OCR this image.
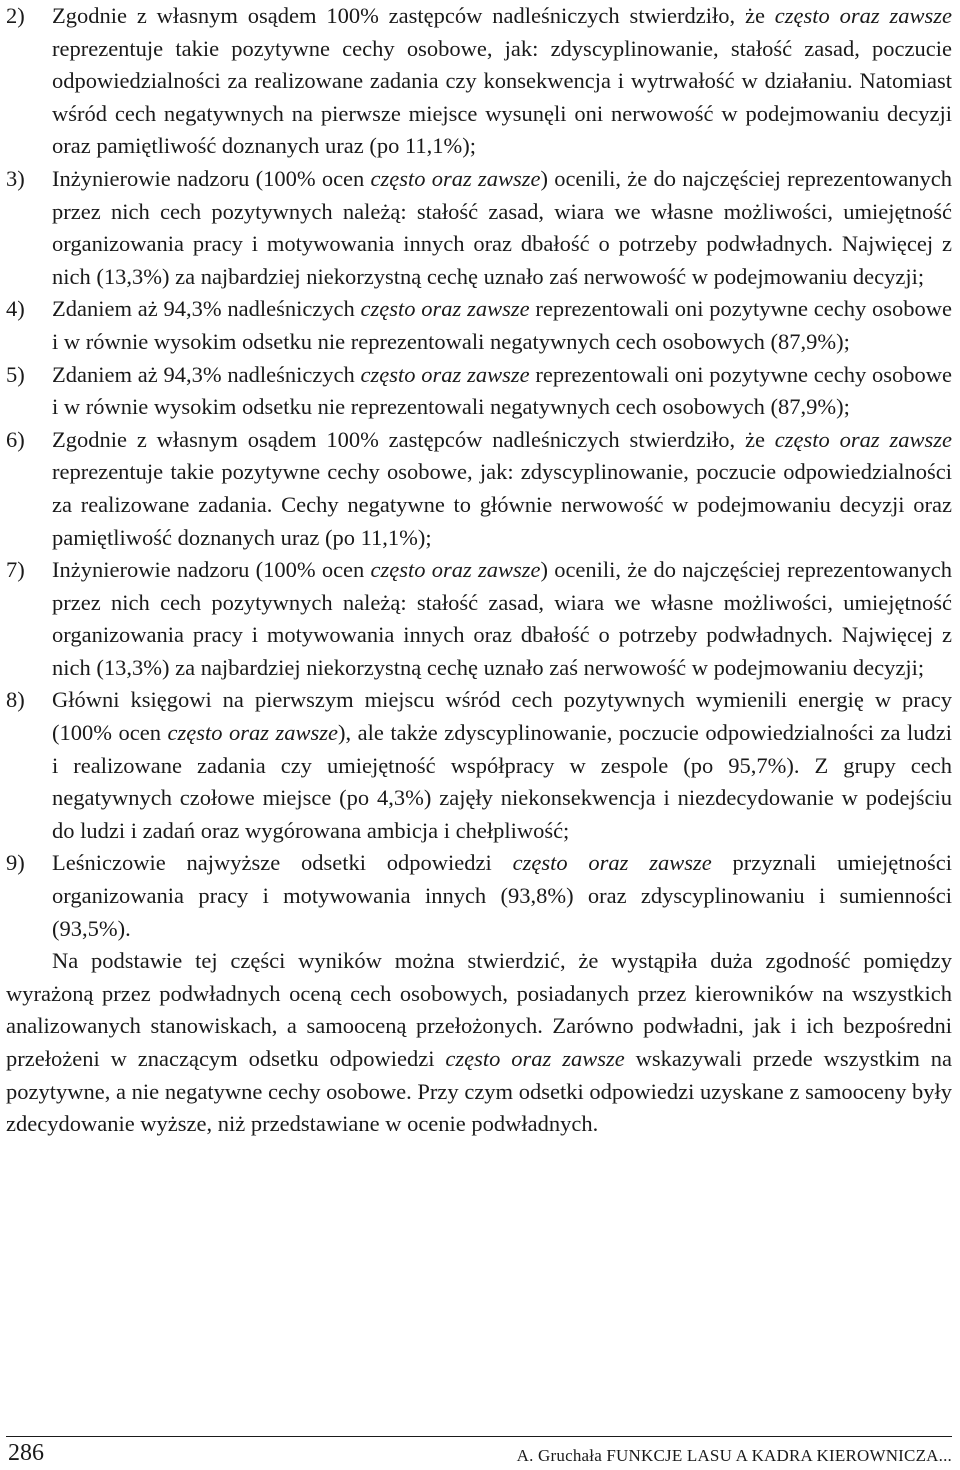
2) Zgodnie z własnym osądem 100% zastępców nadleśniczych stwierdziło, że często oraz zawsze reprezentuje takie pozytywne cechy osobowe, jak: zdyscyplinowanie, stałość zasad, poczucie odpowiedzialności za realizowane zadania czy konsekwencja i wytrwałość w działaniu. Natomiast wśród cech negatywnych na pierwsze miejsce wysunęli oni nerwowość w podejmowaniu decyzji oraz pamiętliwość doznanych uraz (po 11,1%);
3) Inżynierowie nadzoru (100% ocen często oraz zawsze) ocenili, że do najczęściej reprezentowanych przez nich cech pozytywnych należą: stałość zasad, wiara we własne możliwości, umiejętność organizowania pracy i motywowania innych oraz dbałość o potrzeby podwładnych. Najwięcej z nich (13,3%) za najbardziej niekorzystną cechę uznało zaś nerwowość w podejmowaniu decyzji;
4) Zdaniem aż 94,3% nadleśniczych często oraz zawsze reprezentowali oni pozytywne cechy osobowe i w równie wysokim odsetku nie reprezentowali negatywnych cech osobowych (87,9%);
5) Zdaniem aż 94,3% nadleśniczych często oraz zawsze reprezentowali oni pozytywne cechy osobowe i w równie wysokim odsetku nie reprezentowali negatywnych cech osobowych (87,9%);
6) Zgodnie z własnym osądem 100% zastępców nadleśniczych stwierdziło, że często oraz zawsze reprezentuje takie pozytywne cechy osobowe, jak: zdyscyplinowanie, poczucie odpowiedzialności za realizowane zadania. Cechy negatywne to głównie nerwowość w podejmowaniu decyzji oraz pamiętliwość doznanych uraz (po 11,1%);
7) Inżynierowie nadzoru (100% ocen często oraz zawsze) ocenili, że do najczęściej reprezentowanych przez nich cech pozytywnych należą: stałość zasad, wiara we własne możliwości, umiejętność organizowania pracy i motywowania innych oraz dbałość o potrzeby podwładnych. Najwięcej z nich (13,3%) za najbardziej niekorzystną cechę uznało zaś nerwowość w podejmowaniu decyzji;
8) Główni księgowi na pierwszym miejscu wśród cech pozytywnych wymienili energię w pracy (100% ocen często oraz zawsze), ale także zdyscyplinowanie, poczucie odpowiedzialności za ludzi i realizowane zadania czy umiejętność współpracy w zespole (po 95,7%). Z grupy cech negatywnych czołowe miejsce (po 4,3%) zajęły niekonsekwencja i niezdecydowanie w podejściu do ludzi i zadań oraz wygórowana ambicja i chełpliwość;
9) Leśniczowie najwyższe odsetki odpowiedzi często oraz zawsze przyznali umiejętności organizowania pracy i motywowania innych (93,8%) oraz zdyscyplinowaniu i sumienności (93,5%).

Na podstawie tej części wyników można stwierdzić, że wystąpiła duża zgodność pomiędzy wyrażoną przez podwładnych oceną cech osobowych, posiadanych przez kierowników na wszystkich analizowanych stanowiskach, a samooceną przełożonych. Zarówno podwładni, jak i ich bezpośredni przełożeni w znaczącym odsetku odpowiedzi często oraz zawsze wskazywali przede wszystkim na pozytywne, a nie negatywne cechy osobowe. Przy czym odsetki odpowiedzi uzyskane z samooceny były zdecydowanie wyższe, niż przedstawiane w ocenie podwładnych.

286	A. Gruchała FUNKCJE LASU A KADRA KIEROWNICZA...
